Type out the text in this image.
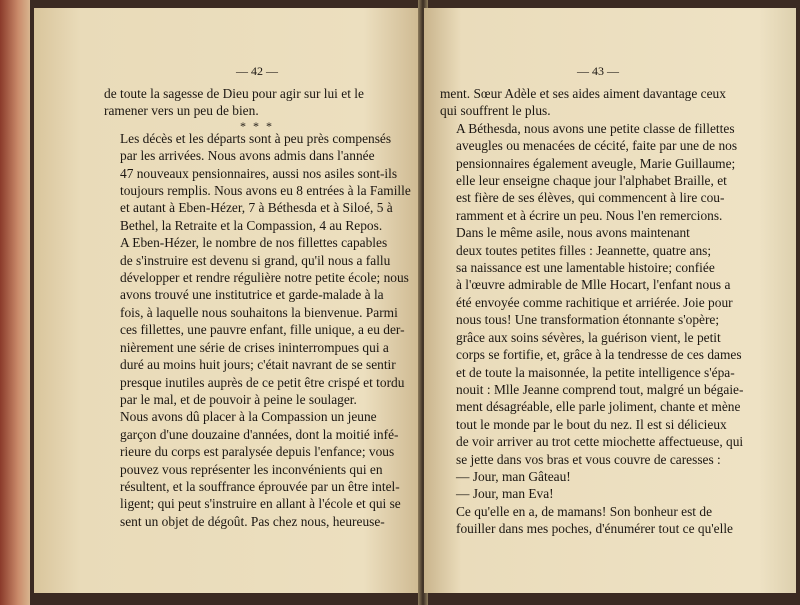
— 42 —

de toute la sagesse de Dieu pour agir sur lui et le
ramener vers un peu de bien.

* * *

Les décès et les départs sont à peu près compensés
par les arrivées. Nous avons admis dans l'année
47 nouveaux pensionnaires, aussi nos asiles sont-ils
toujours remplis. Nous avons eu 8 entrées à la Famille
et autant à Eben-Hézer, 7 à Béthesda et à Siloé, 5 à
Bethel, la Retraite et la Compassion, 4 au Repos.

A Eben-Hézer, le nombre de nos fillettes capables
de s'instruire est devenu si grand, qu'il nous a fallu
développer et rendre régulière notre petite école; nous
avons trouvé une institutrice et garde-malade à la
fois, à laquelle nous souhaitons la bienvenue. Parmi
ces fillettes, une pauvre enfant, fille unique, a eu der-
nièrement une série de crises ininterrompues qui a
duré au moins huit jours; c'était navrant de se sentir
presque inutiles auprès de ce petit être crispé et tordu
par le mal, et de pouvoir à peine le soulager.

Nous avons dû placer à la Compassion un jeune
garçon d'une douzaine d'années, dont la moitié infé-
rieure du corps est paralysée depuis l'enfance; vous
pouvez vous représenter les inconvénients qui en
résultent, et la souffrance éprouvée par un être intel-
ligent; qui peut s'instruire en allant à l'école et qui se
sent un objet de dégoût. Pas chez nous, heureuse-

— 43 —

ment. Sœur Adèle et ses aides aiment davantage ceux
qui souffrent le plus.

A Béthesda, nous avons une petite classe de fillettes
aveugles ou menacées de cécité, faite par une de nos
pensionnaires également aveugle, Marie Guillaume;
elle leur enseigne chaque jour l'alphabet Braille, et
est fière de ses élèves, qui commencent à lire cou-
ramment et à écrire un peu. Nous l'en remercions.

Dans le même asile, nous avons maintenant
deux toutes petites filles : Jeannette, quatre ans;
sa naissance est une lamentable histoire; confiée
à l'œuvre admirable de Mlle Hocart, l'enfant nous a
été envoyée comme rachitique et arriérée. Joie pour
nous tous! Une transformation étonnante s'opère;
grâce aux soins sévères, la guérison vient, le petit
corps se fortifie, et, grâce à la tendresse de ces dames
et de toute la maisonnée, la petite intelligence s'épa-
nouit : Mlle Jeanne comprend tout, malgré un bégaie-
ment désagréable, elle parle joliment, chante et mène
tout le monde par le bout du nez. Il est si délicieux
de voir arriver au trot cette miochette affectueuse, qui
se jette dans vos bras et vous couvre de caresses :

— Jour, man Gâteau!

— Jour, man Eva!

Ce qu'elle en a, de mamans! Son bonheur est de
fouiller dans mes poches, d'énumérer tout ce qu'elle
